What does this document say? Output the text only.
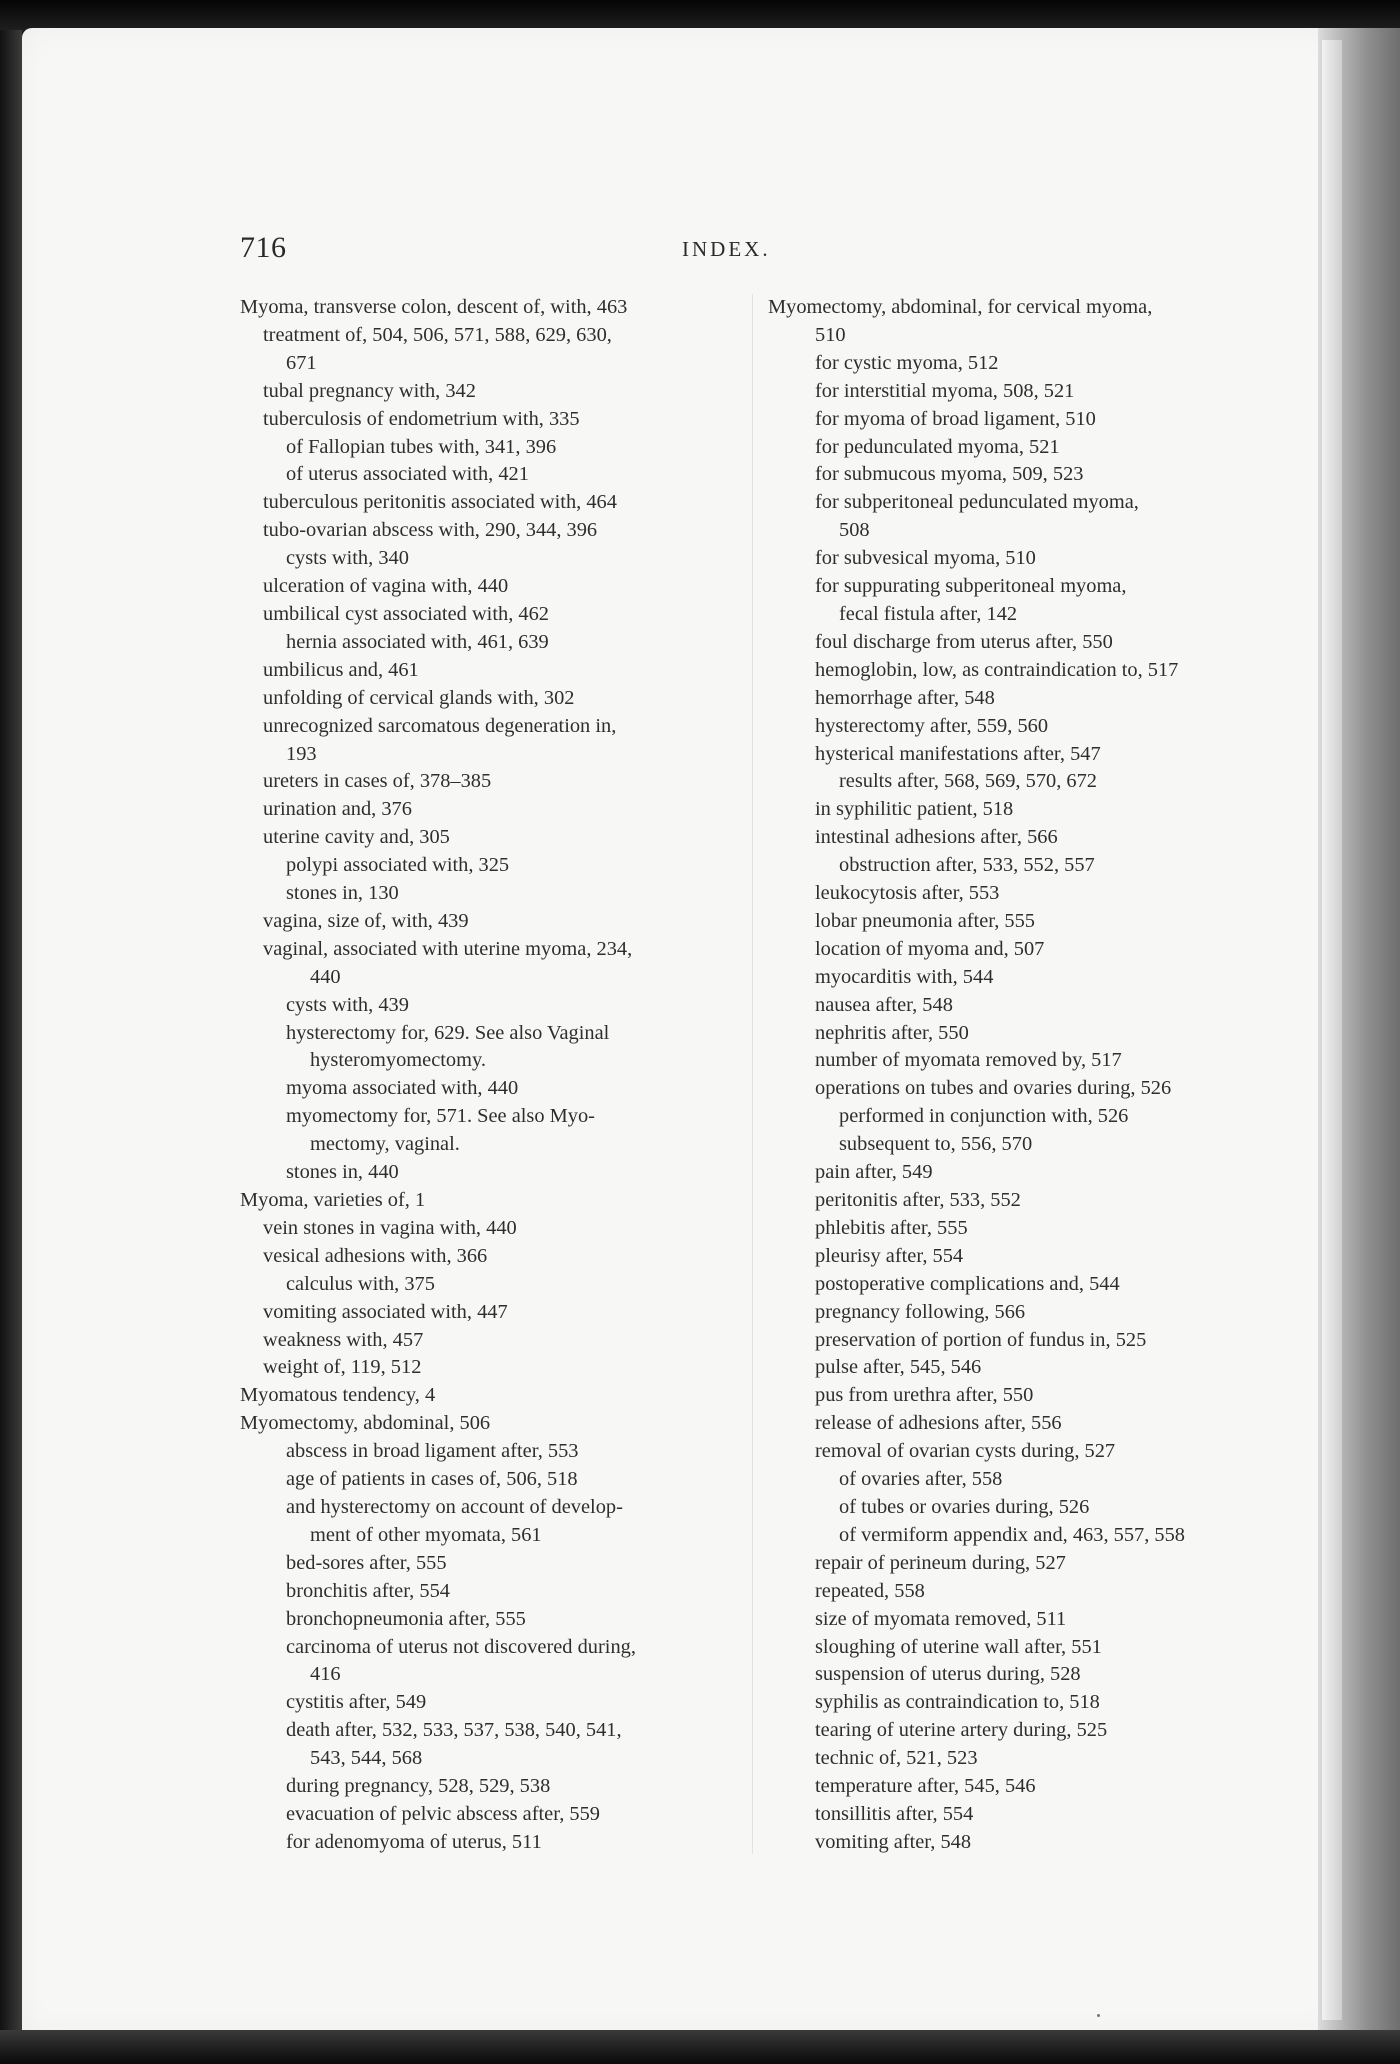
716	INDEX.
Myoma, transverse colon, descent of, with, 463
treatment of, 504, 506, 571, 588, 629, 630,
671
tubal pregnancy with, 342
tuberculosis of endometrium with, 335
of Fallopian tubes with, 341, 396
of uterus associated with, 421
tuberculous peritonitis associated with, 464
tubo-ovarian abscess with, 290, 344, 396
cysts with, 340
ulceration of vagina with, 440
umbilical cyst associated with, 462
hernia associated with, 461, 639
umbilicus and, 461
unfolding of cervical glands with, 302
unrecognized sarcomatous degeneration in,
193
ureters in cases of, 378–385
urination and, 376
uterine cavity and, 305
polypi associated with, 325
stones in, 130
vagina, size of, with, 439
vaginal, associated with uterine myoma, 234,
440
cysts with, 439
hysterectomy for, 629. See also Vaginal
hysteromyomectomy.
myoma associated with, 440
myomectomy for, 571. See also Myo-
mectomy, vaginal.
stones in, 440
Myoma, varieties of, 1
vein stones in vagina with, 440
vesical adhesions with, 366
calculus with, 375
vomiting associated with, 447
weakness with, 457
weight of, 119, 512
Myomatous tendency, 4
Myomectomy, abdominal, 506
abscess in broad ligament after, 553
age of patients in cases of, 506, 518
and hysterectomy on account of develop-
ment of other myomata, 561
bed-sores after, 555
bronchitis after, 554
bronchopneumonia after, 555
carcinoma of uterus not discovered during,
416
cystitis after, 549
death after, 532, 533, 537, 538, 540, 541,
543, 544, 568
during pregnancy, 528, 529, 538
evacuation of pelvic abscess after, 559
for adenomyoma of uterus, 511
Myomectomy, abdominal, for cervical myoma,
510
for cystic myoma, 512
for interstitial myoma, 508, 521
for myoma of broad ligament, 510
for pedunculated myoma, 521
for submucous myoma, 509, 523
for subperitoneal pedunculated myoma,
508
for subvesical myoma, 510
for suppurating subperitoneal myoma,
fecal fistula after, 142
foul discharge from uterus after, 550
hemoglobin, low, as contraindication to, 517
hemorrhage after, 548
hysterectomy after, 559, 560
hysterical manifestations after, 547
results after, 568, 569, 570, 672
in syphilitic patient, 518
intestinal adhesions after, 566
obstruction after, 533, 552, 557
leukocytosis after, 553
lobar pneumonia after, 555
location of myoma and, 507
myocarditis with, 544
nausea after, 548
nephritis after, 550
number of myomata removed by, 517
operations on tubes and ovaries during, 526
performed in conjunction with, 526
subsequent to, 556, 570
pain after, 549
peritonitis after, 533, 552
phlebitis after, 555
pleurisy after, 554
postoperative complications and, 544
pregnancy following, 566
preservation of portion of fundus in, 525
pulse after, 545, 546
pus from urethra after, 550
release of adhesions after, 556
removal of ovarian cysts during, 527
of ovaries after, 558
of tubes or ovaries during, 526
of vermiform appendix and, 463, 557, 558
repair of perineum during, 527
repeated, 558
size of myomata removed, 511
sloughing of uterine wall after, 551
suspension of uterus during, 528
syphilis as contraindication to, 518
tearing of uterine artery during, 525
technic of, 521, 523
temperature after, 545, 546
tonsillitis after, 554
vomiting after, 548
